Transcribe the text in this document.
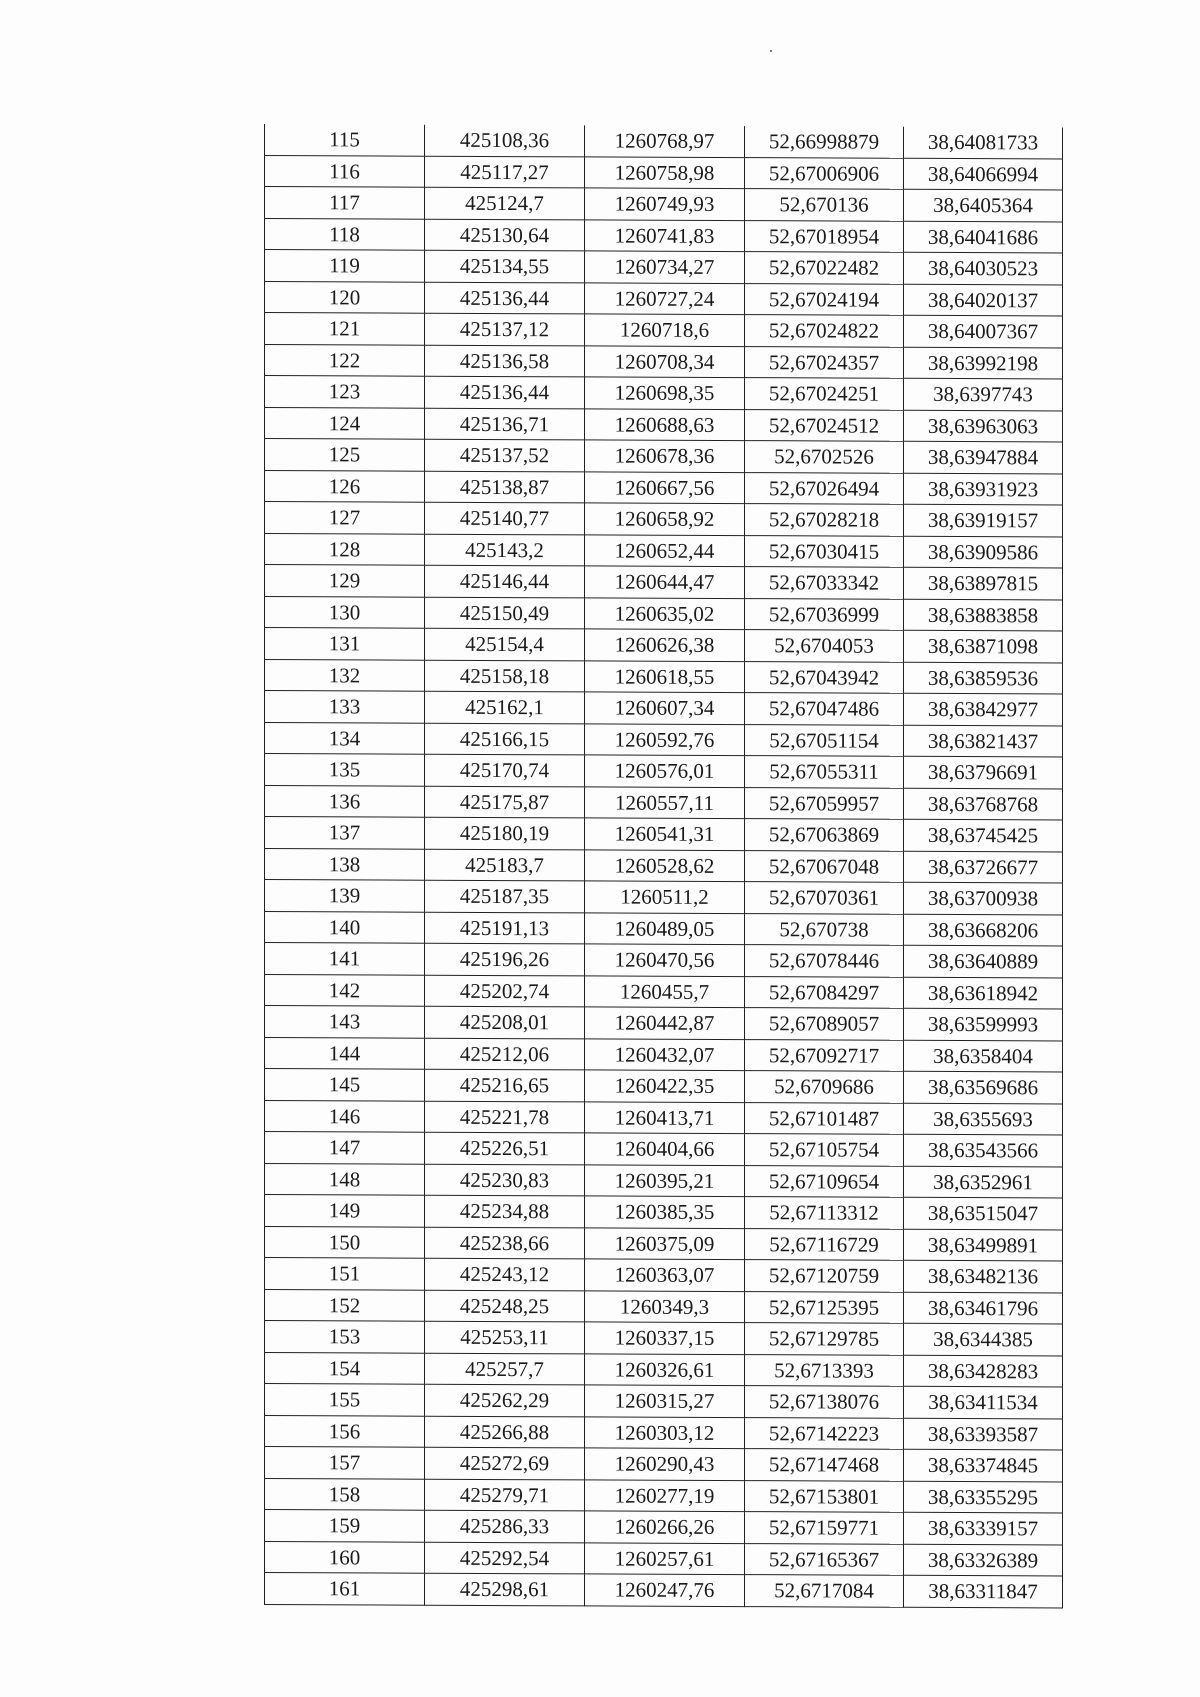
115	425108,36	1260768,97	52,66998879	38,64081733
116	425117,27	1260758,98	52,67006906	38,64066994
117	425124,7	1260749,93	52,670136	38,6405364
118	425130,64	1260741,83	52,67018954	38,64041686
119	425134,55	1260734,27	52,67022482	38,64030523
120	425136,44	1260727,24	52,67024194	38,64020137
121	425137,12	1260718,6	52,67024822	38,64007367
122	425136,58	1260708,34	52,67024357	38,63992198
123	425136,44	1260698,35	52,67024251	38,6397743
124	425136,71	1260688,63	52,67024512	38,63963063
125	425137,52	1260678,36	52,6702526	38,63947884
126	425138,87	1260667,56	52,67026494	38,63931923
127	425140,77	1260658,92	52,67028218	38,63919157
128	425143,2	1260652,44	52,67030415	38,63909586
129	425146,44	1260644,47	52,67033342	38,63897815
130	425150,49	1260635,02	52,67036999	38,63883858
131	425154,4	1260626,38	52,6704053	38,63871098
132	425158,18	1260618,55	52,67043942	38,63859536
133	425162,1	1260607,34	52,67047486	38,63842977
134	425166,15	1260592,76	52,67051154	38,63821437
135	425170,74	1260576,01	52,67055311	38,63796691
136	425175,87	1260557,11	52,67059957	38,63768768
137	425180,19	1260541,31	52,67063869	38,63745425
138	425183,7	1260528,62	52,67067048	38,63726677
139	425187,35	1260511,2	52,67070361	38,63700938
140	425191,13	1260489,05	52,670738	38,63668206
141	425196,26	1260470,56	52,67078446	38,63640889
142	425202,74	1260455,7	52,67084297	38,63618942
143	425208,01	1260442,87	52,67089057	38,63599993
144	425212,06	1260432,07	52,67092717	38,6358404
145	425216,65	1260422,35	52,6709686	38,63569686
146	425221,78	1260413,71	52,67101487	38,6355693
147	425226,51	1260404,66	52,67105754	38,63543566
148	425230,83	1260395,21	52,67109654	38,6352961
149	425234,88	1260385,35	52,67113312	38,63515047
150	425238,66	1260375,09	52,67116729	38,63499891
151	425243,12	1260363,07	52,67120759	38,63482136
152	425248,25	1260349,3	52,67125395	38,63461796
153	425253,11	1260337,15	52,67129785	38,6344385
154	425257,7	1260326,61	52,6713393	38,63428283
155	425262,29	1260315,27	52,67138076	38,63411534
156	425266,88	1260303,12	52,67142223	38,63393587
157	425272,69	1260290,43	52,67147468	38,63374845
158	425279,71	1260277,19	52,67153801	38,63355295
159	425286,33	1260266,26	52,67159771	38,63339157
160	425292,54	1260257,61	52,67165367	38,63326389
161	425298,61	1260247,76	52,6717084	38,63311847
